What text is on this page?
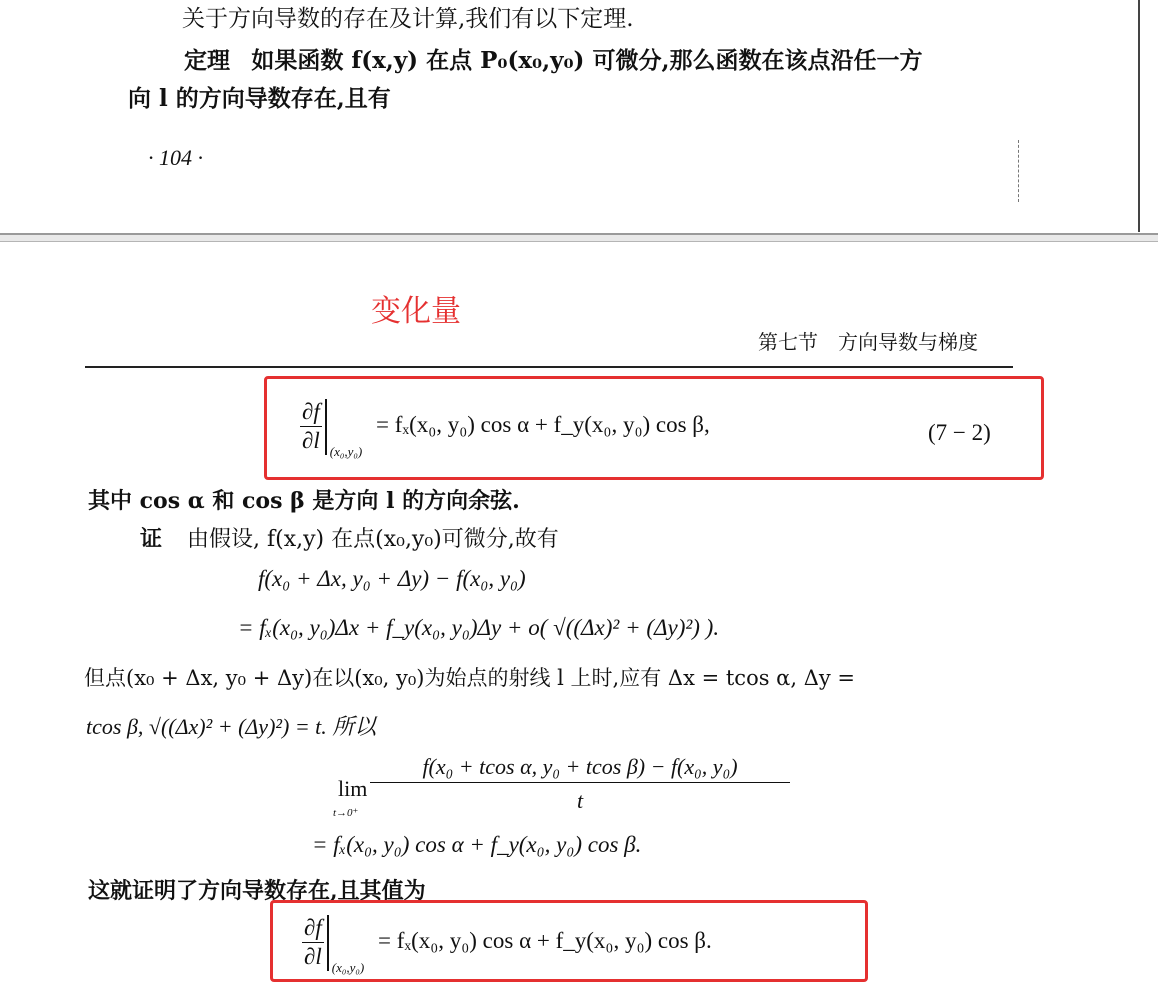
关于方向导数的存在及计算,我们有以下定理.
定理 如果函数 f(x,y) 在点 P₀(x₀,y₀) 可微分,那么函数在该点沿任一方
向 l 的方向导数存在,且有
· 104 ·
变化量
第七节　方向导数与梯度
$\frac{\partial f}{\partial l} _{(x_0,y_0)} = f_x(x_0$, y₀) cos α + f_y(x₀, y₀) cos β,	(7 − 2)
其中 cos α 和 cos β 是方向 l 的方向余弦.
证 由假设, f(x,y) 在点(x₀,y₀)可微分,故有
f(x₀ + Δx, y₀ + Δy) − f(x₀, y₀)
= fₓ(x₀, y₀)Δx + f_y(x₀, y₀)Δy + o( √((Δx)² + (Δy)²) ).
但点(x₀ + Δx, y₀ + Δy)在以(x₀, y₀)为始点的射线 l 上时,应有 Δx = tcos α, Δy =
tcos β, √((Δx)² + (Δy)²) = t. 所以
lim
t→0⁺
f(x₀ + tcos α, y₀ + tcos β) − f(x₀, y₀)
t
= fₓ(x₀, y₀) cos α + f_y(x₀, y₀) cos β.
这就证明了方向导数存在,且其值为
$\frac{\partial f}{\partial l} _{(x_0,y_0)} = f_x(x_0$, y₀) cos α + f_y(x₀, y₀) cos β.
